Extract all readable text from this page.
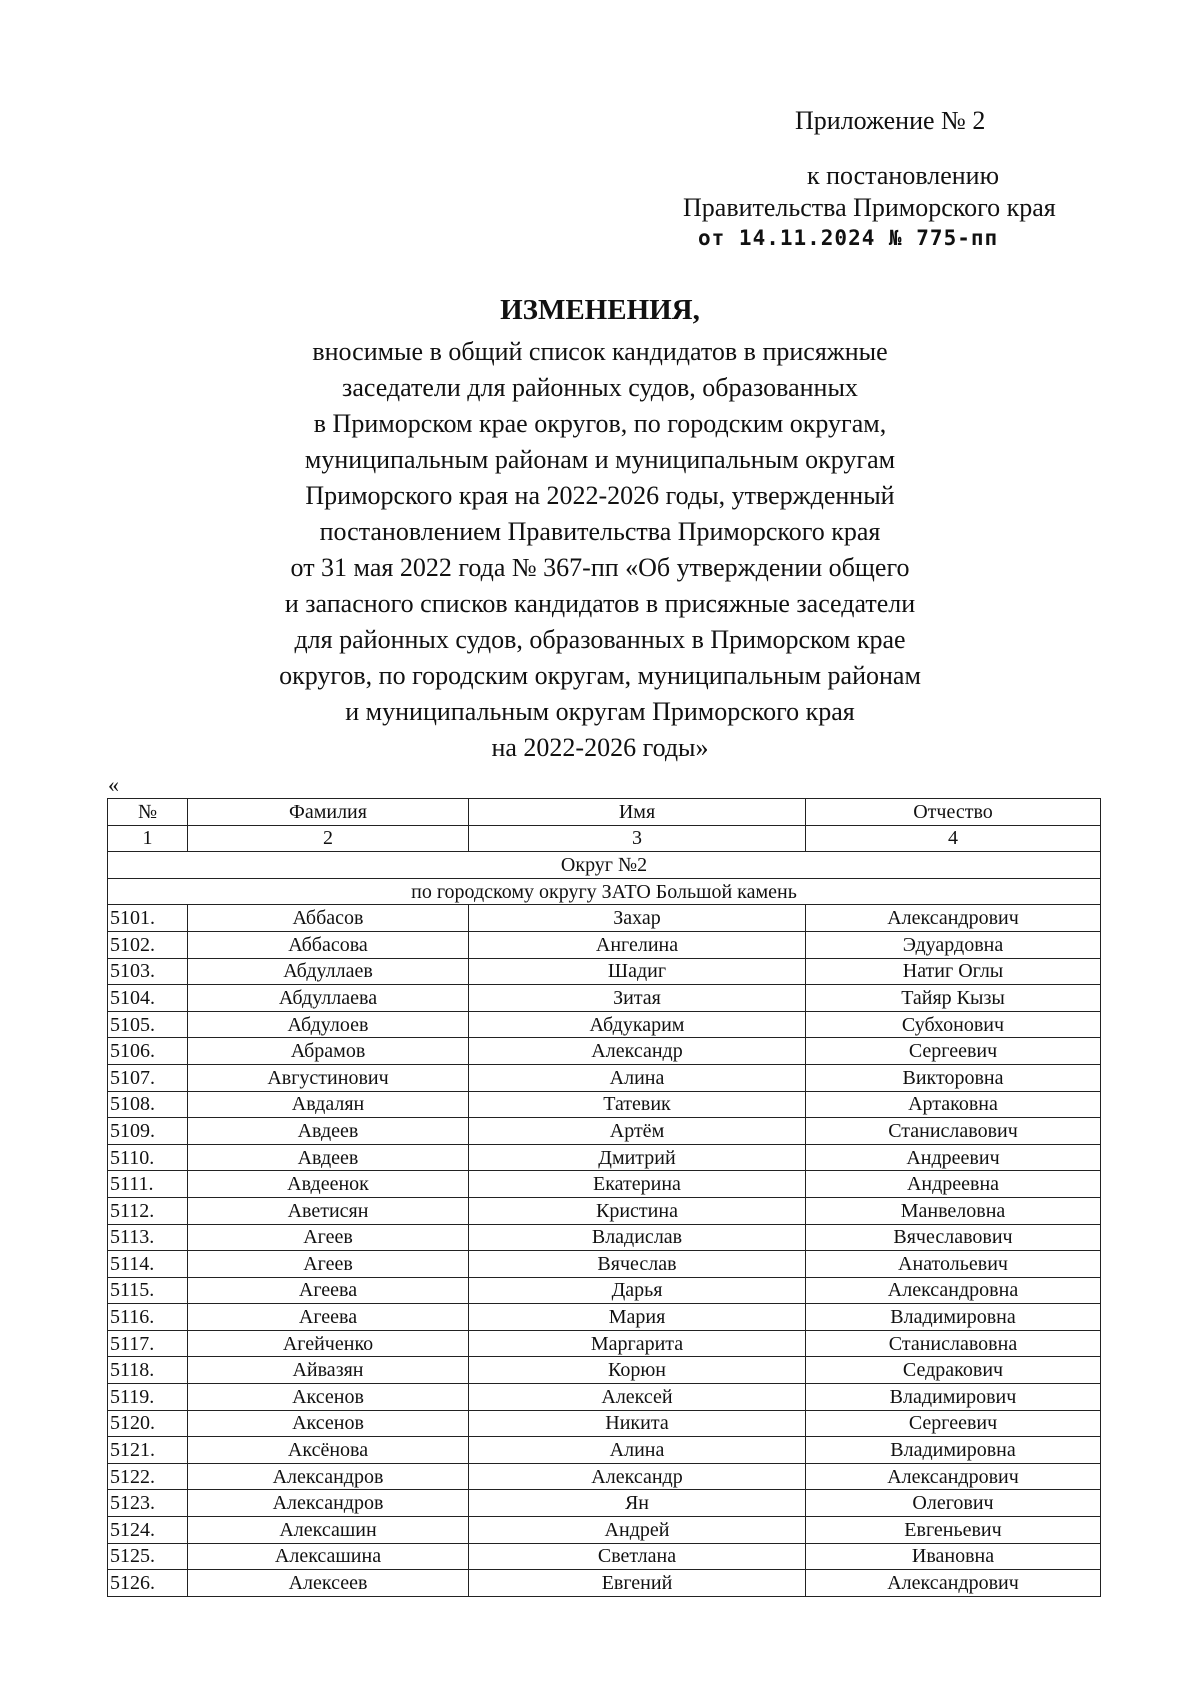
Приложение № 2
к постановлению
Правительства Приморского края
от 14.11.2024 № 775-пп
ИЗМЕНЕНИЯ,
вносимые в общий список кандидатов в присяжные
заседатели для районных судов, образованных
в Приморском крае округов, по городским округам,
муниципальным районам и муниципальным округам
Приморского края на 2022-2026 годы, утвержденный
постановлением Правительства Приморского края
от 31 мая 2022 года № 367-пп «Об утверждении общего
и запасного списков кандидатов в присяжные заседатели
для районных судов, образованных в Приморском крае
округов, по городским округам, муниципальным районам
и муниципальным округам Приморского края
на 2022-2026 годы»
«
№	Фамилия	Имя	Отчество
1	2	3	4
Округ №2			
по городскому округу ЗАТО Большой камень			
5101.	Аббасов	Захар	Александрович
5102.	Аббасова	Ангелина	Эдуардовна
5103.	Абдуллаев	Шадиг	Натиг Оглы
5104.	Абдуллаева	Зитая	Тайяр Кызы
5105.	Абдулоев	Абдукарим	Субхонович
5106.	Абрамов	Александр	Сергеевич
5107.	Августинович	Алина	Викторовна
5108.	Авдалян	Татевик	Артаковна
5109.	Авдеев	Артём	Станиславович
5110.	Авдеев	Дмитрий	Андреевич
5111.	Авдеенок	Екатерина	Андреевна
5112.	Аветисян	Кристина	Манвеловна
5113.	Агеев	Владислав	Вячеславович
5114.	Агеев	Вячеслав	Анатольевич
5115.	Агеева	Дарья	Александровна
5116.	Агеева	Мария	Владимировна
5117.	Агейченко	Маргарита	Станиславовна
5118.	Айвазян	Корюн	Седракович
5119.	Аксенов	Алексей	Владимирович
5120.	Аксенов	Никита	Сергеевич
5121.	Аксёнова	Алина	Владимировна
5122.	Александров	Александр	Александрович
5123.	Александров	Ян	Олегович
5124.	Алексашин	Андрей	Евгеньевич
5125.	Алексашина	Светлана	Ивановна
5126.	Алексеев	Евгений	Александрович
